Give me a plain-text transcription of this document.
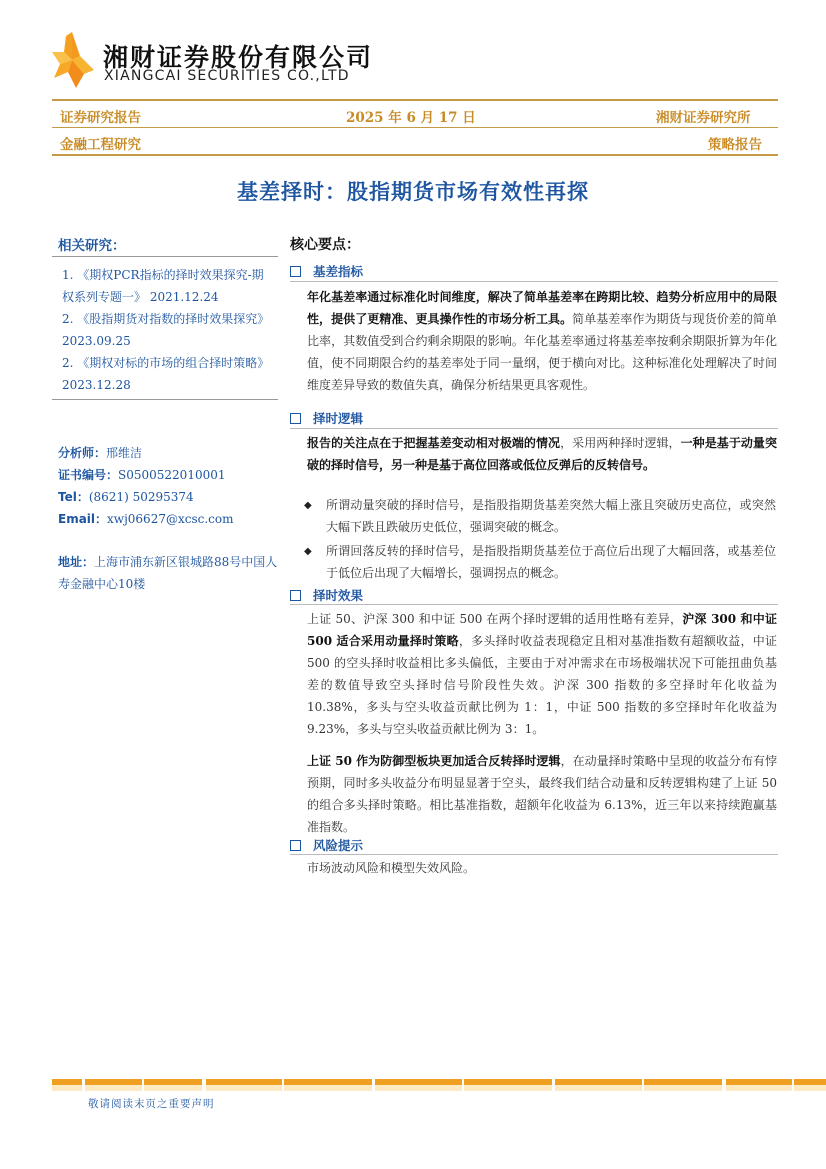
湘财证券股份有限公司
XIANGCAI SECURITIES CO.,LTD
证券研究报告	2025 年 6 月 17 日	湘财证券研究所
金融工程研究	策略报告
基差择时：股指期货市场有效性再探
相关研究：
1. 《期权PCR指标的择时效果探究-期权系列专题一》 2021.12.24
2. 《股指期货对指数的择时效果探究》 2023.09.25
2. 《期权对标的市场的组合择时策略》 2023.12.28
分析师：邢维洁
证书编号：S0500522010001
Tel：(8621) 50295374
Email：xwj06627@xcsc.com
地址：上海市浦东新区银城路88号中国人寿金融中心10楼
核心要点：
基差指标
年化基差率通过标准化时间维度，解决了简单基差率在跨期比较、趋势分析应用中的局限性，提供了更精准、更具操作性的市场分析工具。简单基差率作为期货与现货价差的简单比率，其数值受到合约剩余期限的影响。年化基差率通过将基差率按剩余期限折算为年化值，使不同期限合约的基差率处于同一量纲，便于横向对比。这种标准化处理解决了时间维度差异导致的数值失真，确保分析结果更具客观性。
择时逻辑
报告的关注点在于把握基差变动相对极端的情况，采用两种择时逻辑，一种是基于动量突破的择时信号，另一种是基于高位回落或低位反弹后的反转信号。
◆ 所谓动量突破的择时信号，是指股指期货基差突然大幅上涨且突破历史高位，或突然大幅下跌且跌破历史低位，强调突破的概念。
◆ 所谓回落反转的择时信号，是指股指期货基差位于高位后出现了大幅回落，或基差位于低位后出现了大幅增长，强调拐点的概念。
择时效果
上证 50、沪深 300 和中证 500 在两个择时逻辑的适用性略有差异，沪深 300 和中证 500 适合采用动量择时策略，多头择时收益表现稳定且相对基准指数有超额收益，中证 500 的空头择时收益相比多头偏低，主要由于对冲需求在市场极端状况下可能扭曲负基差的数值导致空头择时信号阶段性失效。沪深 300 指数的多空择时年化收益为 10.38%，多头与空头收益贡献比例为 1：1，中证 500 指数的多空择时年化收益为 9.23%，多头与空头收益贡献比例为 3：1。
上证 50 作为防御型板块更加适合反转择时逻辑，在动量择时策略中呈现的收益分布有悖预期，同时多头收益分布明显显著于空头，最终我们结合动量和反转逻辑构建了上证 50 的组合多头择时策略。相比基准指数，超额年化收益为 6.13%，近三年以来持续跑赢基准指数。
风险提示
市场波动风险和模型失效风险。
敬请阅读末页之重要声明
